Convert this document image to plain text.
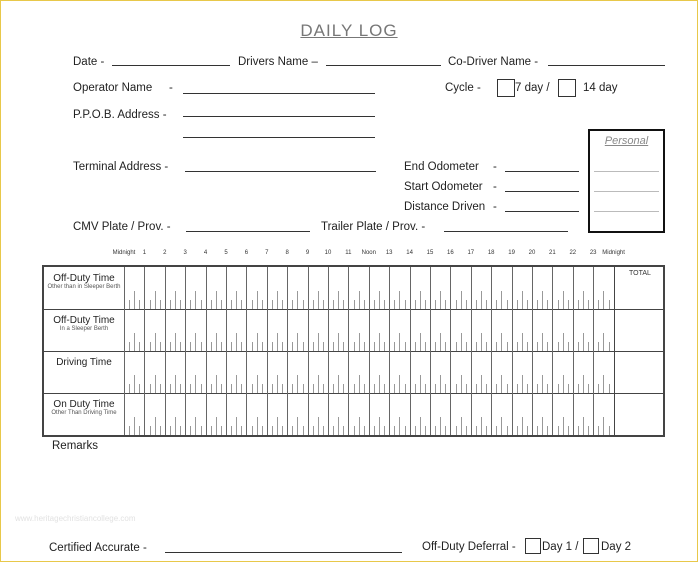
DAILY LOG
Date -	Drivers Name –	Co-Driver Name -
Operator Name -	Cycle -	7 day /	14 day
P.P.O.B. Address -
Personal
Terminal Address -	End Odometer -
Start Odometer -
Distance Driven -
CMV Plate / Prov. -	Trailer Plate / Prov. -
Midnight 1	2	3	4	5	6	7	8	9	10 11 Noon 13 14 15 16 17 18 19 20 21 22 23 Midnight
Off-Duty Time
Other than in Sleeper Berth
Off-Duty Time
In a Sleeper Berth
Driving Time
On Duty Time
Other Than Driving Time
TOTAL
Remarks
www.heritagechristiancollege.com
Certified Accurate -	Off-Duty Deferral - Day 1 / Day 2
